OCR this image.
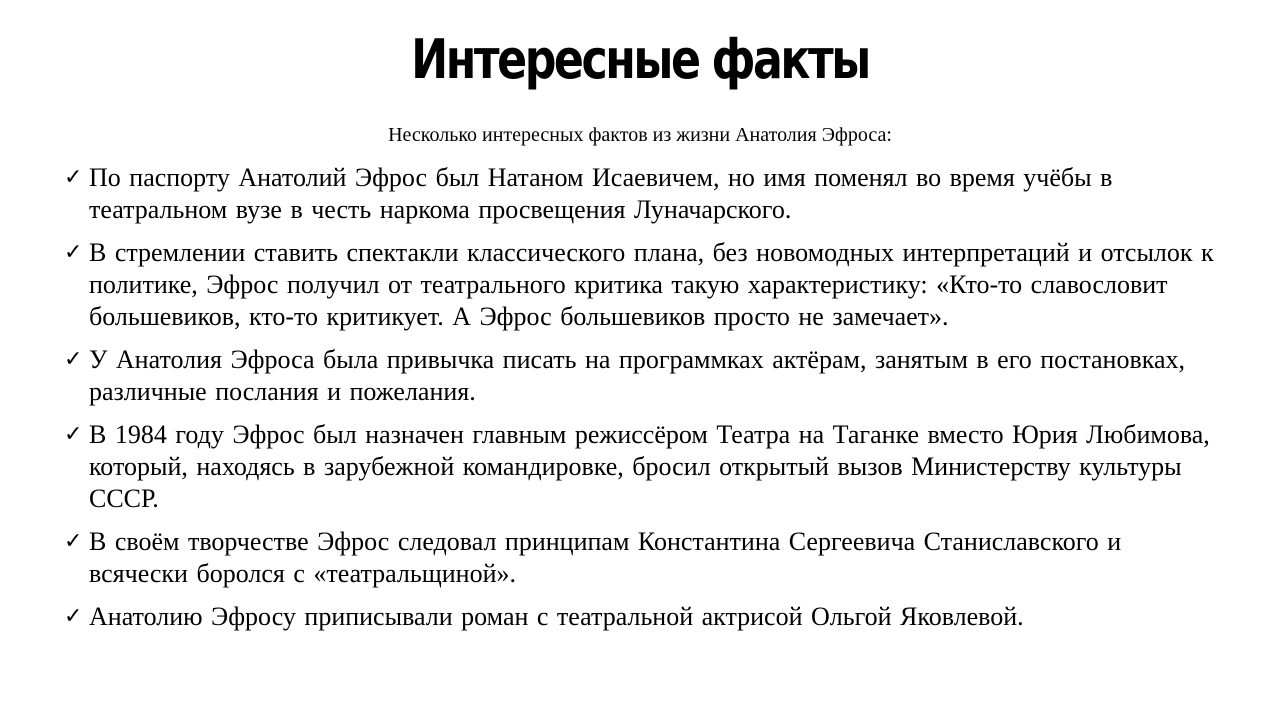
Интересные факты

Несколько интересных фактов из жизни Анатолия Эфроса:

✓ По паспорту Анатолий Эфрос был Натаном Исаевичем, но имя поменял во время учёбы в театральном вузе в честь наркома просвещения Луначарского.
✓ В стремлении ставить спектакли классического плана, без новомодных интерпретаций и отсылок к политике, Эфрос получил от театрального критика такую характеристику: «Кто-то славословит большевиков, кто-то критикует. А Эфрос большевиков просто не замечает».
✓ У Анатолия Эфроса была привычка писать на программках актёрам, занятым в его постановках, различные послания и пожелания.
✓ В 1984 году Эфрос был назначен главным режиссёром Театра на Таганке вместо Юрия Любимова, который, находясь в зарубежной командировке, бросил открытый вызов Министерству культуры СССР.
✓ В своём творчестве Эфрос следовал принципам Константина Сергеевича Станиславского и всячески боролся с «театральщиной».
✓ Анатолию Эфросу приписывали роман с театральной актрисой Ольгой Яковлевой.
